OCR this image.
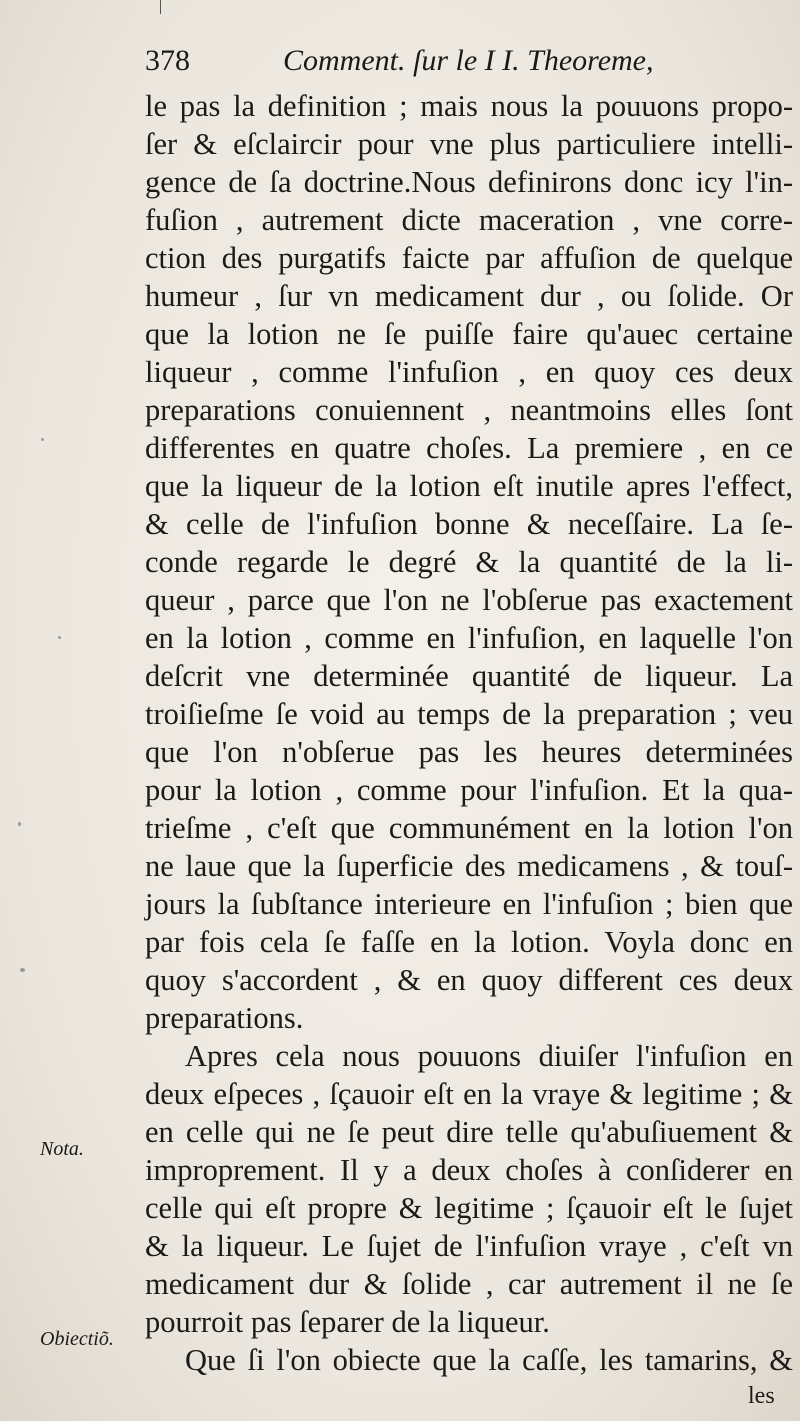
378	Comment. ſur le I I. Theoreme,
le pas la definition ; mais nous la pouuons propo-
ſer & eſclaircir pour vne plus particuliere intelli-
gence de ſa doctrine.Nous definirons donc icy l'in-
fuſion , autrement dicte maceration , vne corre-
ction des purgatifs faicte par affuſion de quelque
humeur , ſur vn medicament dur , ou ſolide. Or
que la lotion ne ſe puiſſe faire qu'auec certaine
liqueur , comme l'infuſion , en quoy ces deux
preparations conuiennent , neantmoins elles ſont
differentes en quatre choſes. La premiere , en ce
que la liqueur de la lotion eſt inutile apres l'effect,
& celle de l'infuſion bonne & neceſſaire. La ſe-
conde regarde le degré & la quantité de la li-
queur , parce que l'on ne l'obſerue pas exactement
en la lotion , comme en l'infuſion, en laquelle l'on
deſcrit vne determinée quantité de liqueur. La
troiſieſme ſe void au temps de la preparation ; veu
que l'on n'obſerue pas les heures determinées
pour la lotion , comme pour l'infuſion. Et la qua-
trieſme , c'eſt que communément en la lotion l'on
ne laue que la ſuperficie des medicamens , & touſ-
jours la ſubſtance interieure en l'infuſion ; bien que
par fois cela ſe faſſe en la lotion. Voyla donc en
quoy s'accordent , & en quoy different ces deux
preparations.
Apres cela nous pouuons diuiſer l'infuſion en
deux eſpeces , ſçauoir eſt en la vraye & legitime ; &
en celle qui ne ſe peut dire telle qu'abuſiuement &
improprement. Il y a deux choſes à conſiderer en
celle qui eſt propre & legitime ; ſçauoir eſt le ſujet
& la liqueur. Le ſujet de l'infuſion vraye , c'eſt vn
medicament dur & ſolide , car autrement il ne ſe
pourroit pas ſeparer de la liqueur.
Que ſi l'on obiecte que la caſſe, les tamarins, &
Nota.
Obiectiõ.
les
